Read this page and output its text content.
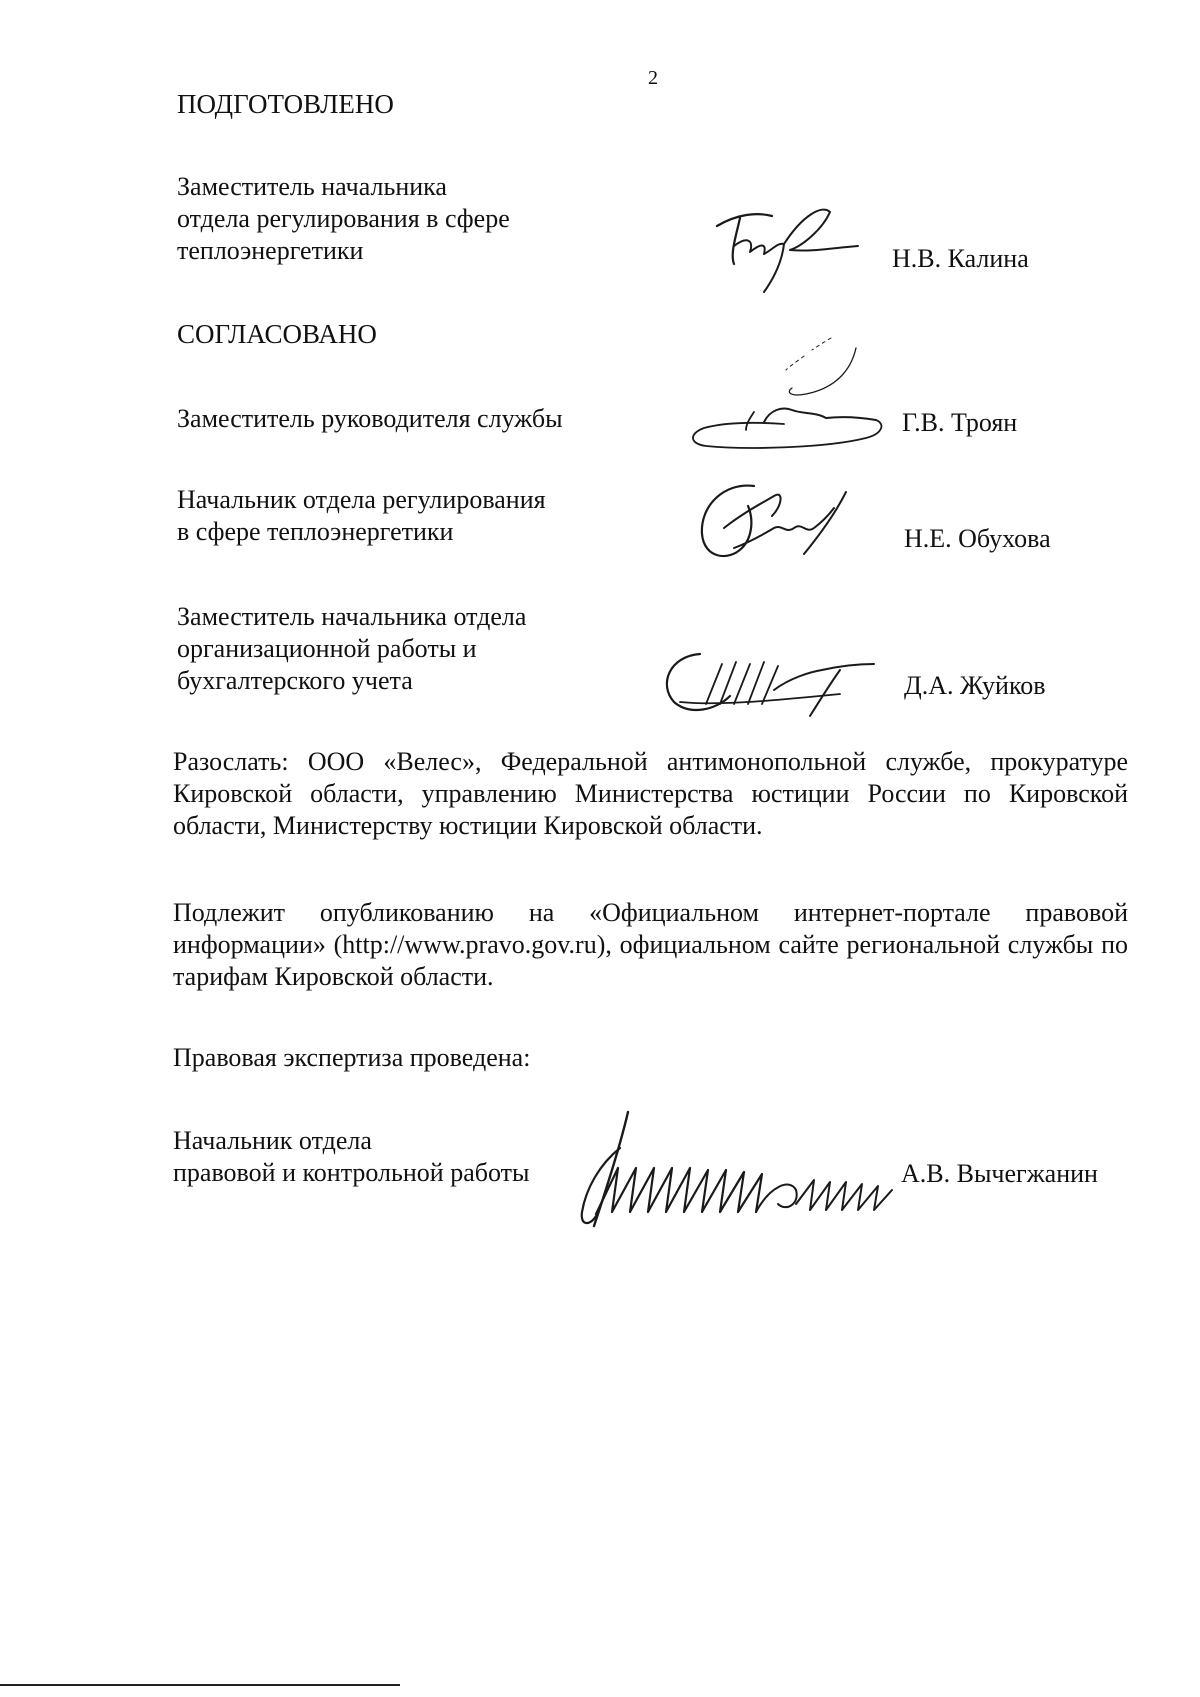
2
ПОДГОТОВЛЕНО
Заместитель начальника
отдела регулирования в сфере
теплоэнергетики	Н.В. Калина
СОГЛАСОВАНО
Заместитель руководителя службы	Г.В. Троян
Начальник отдела регулирования
в сфере теплоэнергетики	Н.Е. Обухова
Заместитель начальника отдела
организационной работы и
бухгалтерского учета	Д.А. Жуйков
Разослать: ООО «Велес», Федеральной антимонопольной службе, прокуратуре Кировской области, управлению Министерства юстиции России по Кировской области, Министерству юстиции Кировской области.
Подлежит опубликованию на «Официальном интернет-портале правовой информации» (http://www.pravo.gov.ru), официальном сайте региональной службы по тарифам Кировской области.
Правовая экспертиза проведена:
Начальник отдела
правовой и контрольной работы	А.В. Вычегжанин
